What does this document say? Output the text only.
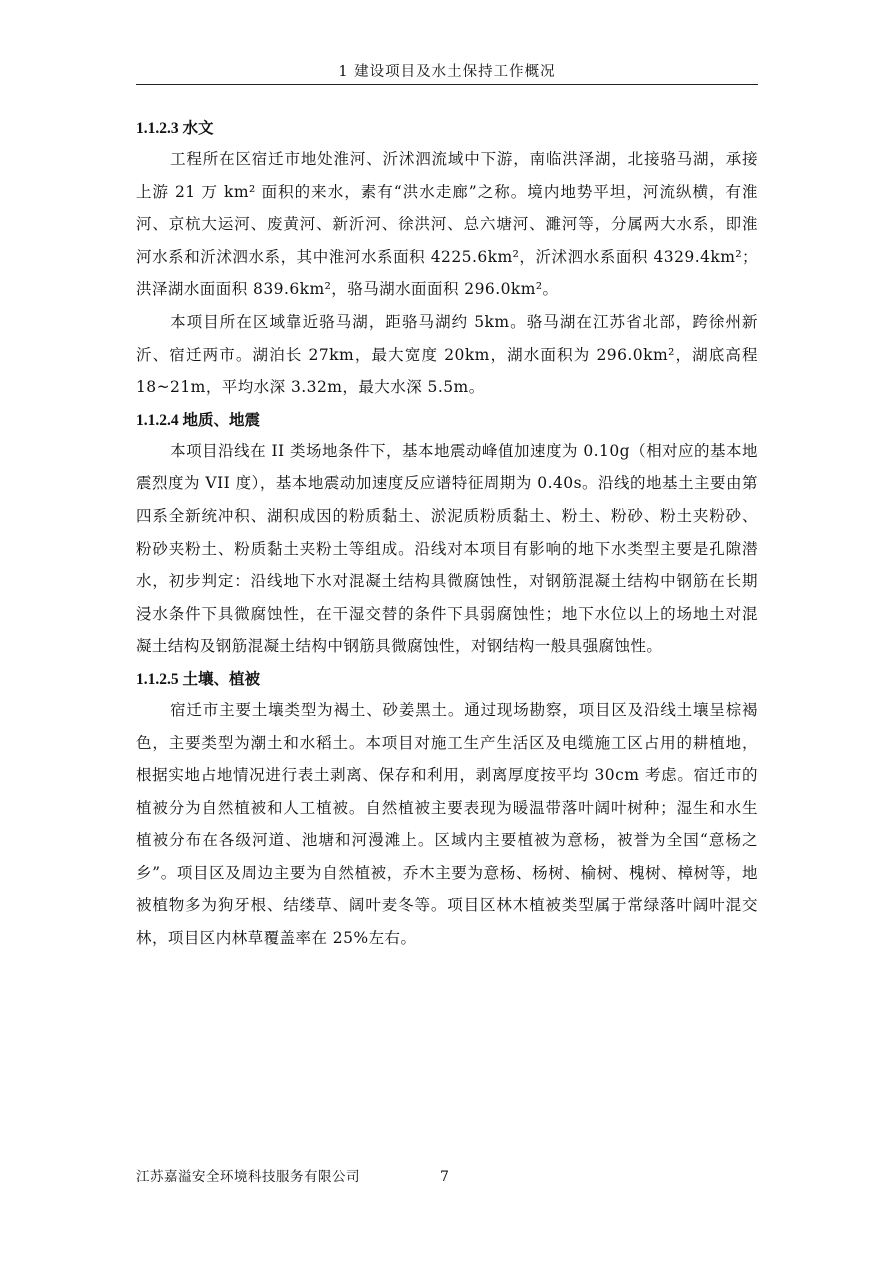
1 建设项目及水土保持工作概况
1.1.2.3 水文

工程所在区宿迁市地处淮河、沂沭泗流域中下游，南临洪泽湖，北接骆马湖，承接上游 21 万 km² 面积的来水，素有“洪水走廊”之称。境内地势平坦，河流纵横，有淮河、京杭大运河、废黄河、新沂河、徐洪河、总六塘河、濉河等，分属两大水系，即淮河水系和沂沭泗水系，其中淮河水系面积 4225.6km²，沂沭泗水系面积 4329.4km²；洪泽湖水面面积 839.6km²，骆马湖水面面积 296.0km²。

本项目所在区域靠近骆马湖，距骆马湖约 5km。骆马湖在江苏省北部，跨徐州新沂、宿迁两市。湖泊长 27km，最大宽度 20km，湖水面积为 296.0km²，湖底高程 18~21m，平均水深 3.32m，最大水深 5.5m。

1.1.2.4 地质、地震

本项目沿线在 II 类场地条件下，基本地震动峰值加速度为 0.10g（相对应的基本地震烈度为 VII 度），基本地震动加速度反应谱特征周期为 0.40s。沿线的地基土主要由第四系全新统冲积、湖积成因的粉质黏土、淤泥质粉质黏土、粉土、粉砂、粉土夹粉砂、粉砂夹粉土、粉质黏土夹粉土等组成。沿线对本项目有影响的地下水类型主要是孔隙潜水，初步判定：沿线地下水对混凝土结构具微腐蚀性，对钢筋混凝土结构中钢筋在长期浸水条件下具微腐蚀性，在干湿交替的条件下具弱腐蚀性；地下水位以上的场地土对混凝土结构及钢筋混凝土结构中钢筋具微腐蚀性，对钢结构一般具强腐蚀性。

1.1.2.5 土壤、植被

宿迁市主要土壤类型为褐土、砂姜黑土。通过现场勘察，项目区及沿线土壤呈棕褐色，主要类型为潮土和水稻土。本项目对施工生产生活区及电缆施工区占用的耕植地，根据实地占地情况进行表土剥离、保存和利用，剥离厚度按平均 30cm 考虑。宿迁市的植被分为自然植被和人工植被。自然植被主要表现为暖温带落叶阔叶树种；湿生和水生植被分布在各级河道、池塘和河漫滩上。区域内主要植被为意杨，被誉为全国“意杨之乡”。项目区及周边主要为自然植被，乔木主要为意杨、杨树、榆树、槐树、樟树等，地被植物多为狗牙根、结缕草、阔叶麦冬等。项目区林木植被类型属于常绿落叶阔叶混交林，项目区内林草覆盖率在 25%左右。

江苏嘉溢安全环境科技服务有限公司	7
